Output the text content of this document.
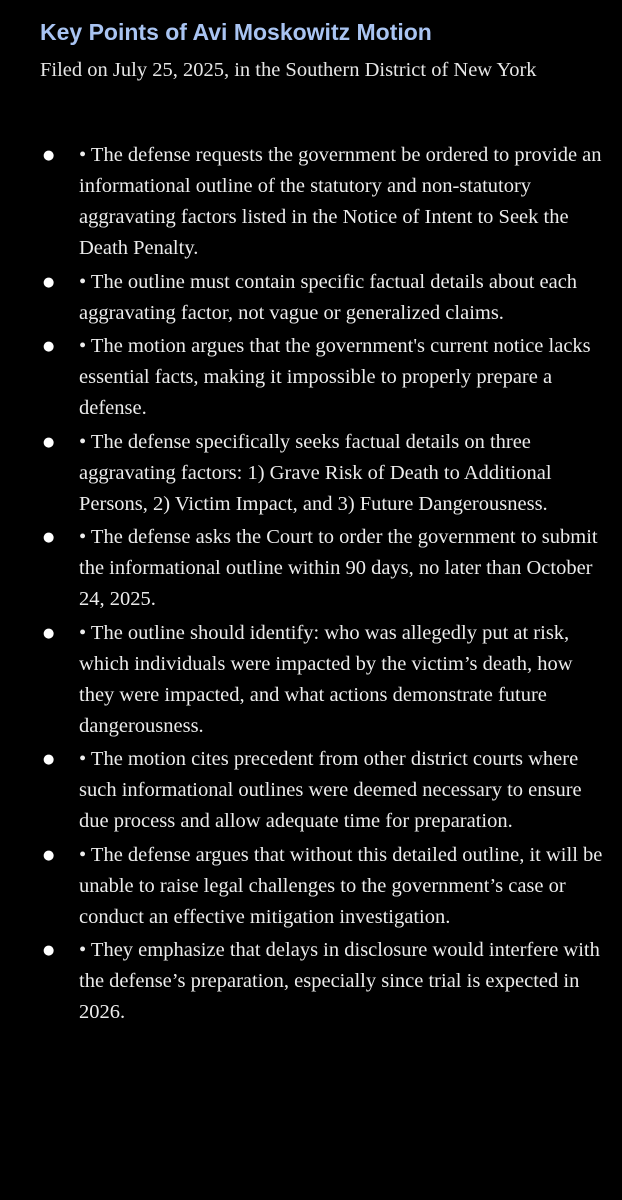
Key Points of Avi Moskowitz Motion

Filed on July 25, 2025, in the Southern District of New York

● • The defense requests the government be ordered to provide an informational outline of the statutory and non-statutory aggravating factors listed in the Notice of Intent to Seek the Death Penalty.
● • The outline must contain specific factual details about each aggravating factor, not vague or generalized claims.
● • The motion argues that the government's current notice lacks essential facts, making it impossible to properly prepare a defense.
● • The defense specifically seeks factual details on three aggravating factors: 1) Grave Risk of Death to Additional Persons, 2) Victim Impact, and 3) Future Dangerousness.
● • The defense asks the Court to order the government to submit the informational outline within 90 days, no later than October 24, 2025.
● • The outline should identify: who was allegedly put at risk, which individuals were impacted by the victim’s death, how they were impacted, and what actions demonstrate future dangerousness.
● • The motion cites precedent from other district courts where such informational outlines were deemed necessary to ensure due process and allow adequate time for preparation.
● • The defense argues that without this detailed outline, it will be unable to raise legal challenges to the government’s case or conduct an effective mitigation investigation.
● • They emphasize that delays in disclosure would interfere with the defense’s preparation, especially since trial is expected in 2026.
